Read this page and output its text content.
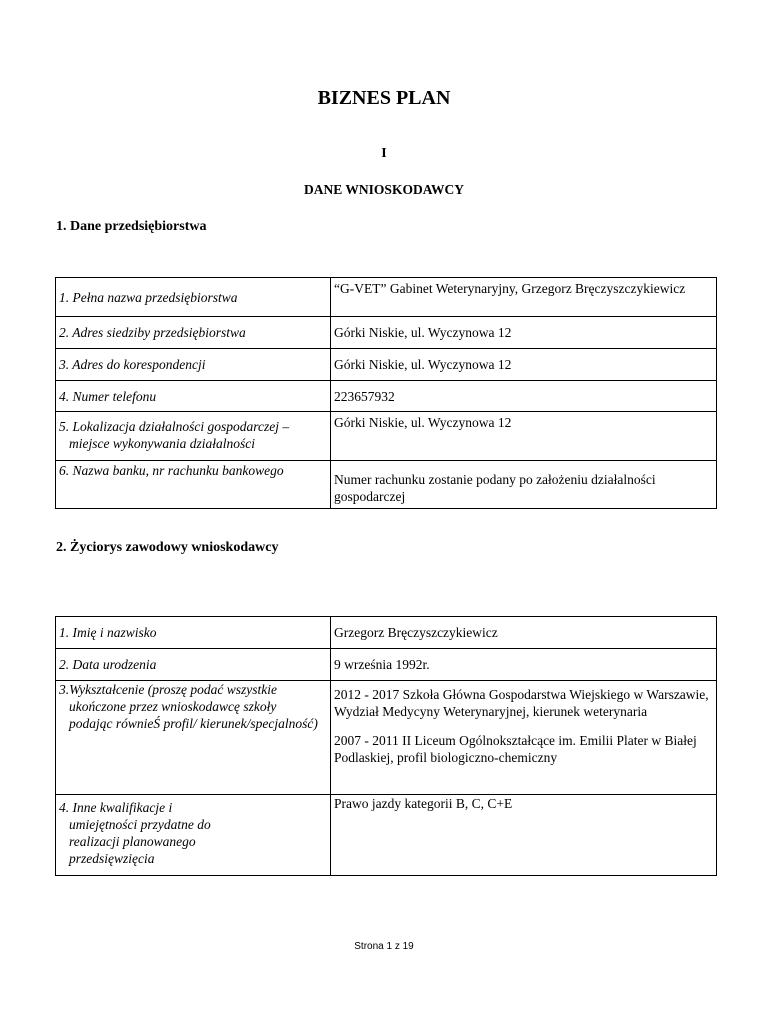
BIZNES PLAN
I
DANE WNIOSKODAWCY
1. Dane przedsiębiorstwa
1. Pełna nazwa przedsiębiorstwa	“G-VET” Gabinet Weterynaryjny, Grzegorz Bręczyszczykiewicz
2. Adres siedziby przedsiębiorstwa	Górki Niskie, ul. Wyczynowa 12
3. Adres do korespondencji	Górki Niskie, ul. Wyczynowa 12
4. Numer telefonu	223657932
5. Lokalizacja działalności gospodarczej –
miejsce wykonywania działalności	Górki Niskie, ul. Wyczynowa 12
6. Nazwa banku, nr rachunku bankowego	Numer rachunku zostanie podany po założeniu działalności gospodarczej
2. Życiorys zawodowy wnioskodawcy
1. Imię i nazwisko	Grzegorz Bręczyszczykiewicz
2. Data urodzenia	9 września 1992r.
3.Wykształcenie (proszę podać wszystkie
ukończone przez wnioskodawcę szkoły podając równieŚ profil/ kierunek/specjalność)	2012 - 2017 Szkoła Główna Gospodarstwa Wiejskiego w Warszawie, Wydział Medycyny Weterynaryjnej, kierunek weterynaria
2007 - 2011 II Liceum Ogólnokształcące im. Emilii Plater w Białej Podlaskiej, profil biologiczno-chemiczny
4. Inne kwalifikacje i
umiejętności przydatne do realizacji planowanego przedsięwzięcia	Prawo jazdy kategorii B, C, C+E
Strona 1 z 19
